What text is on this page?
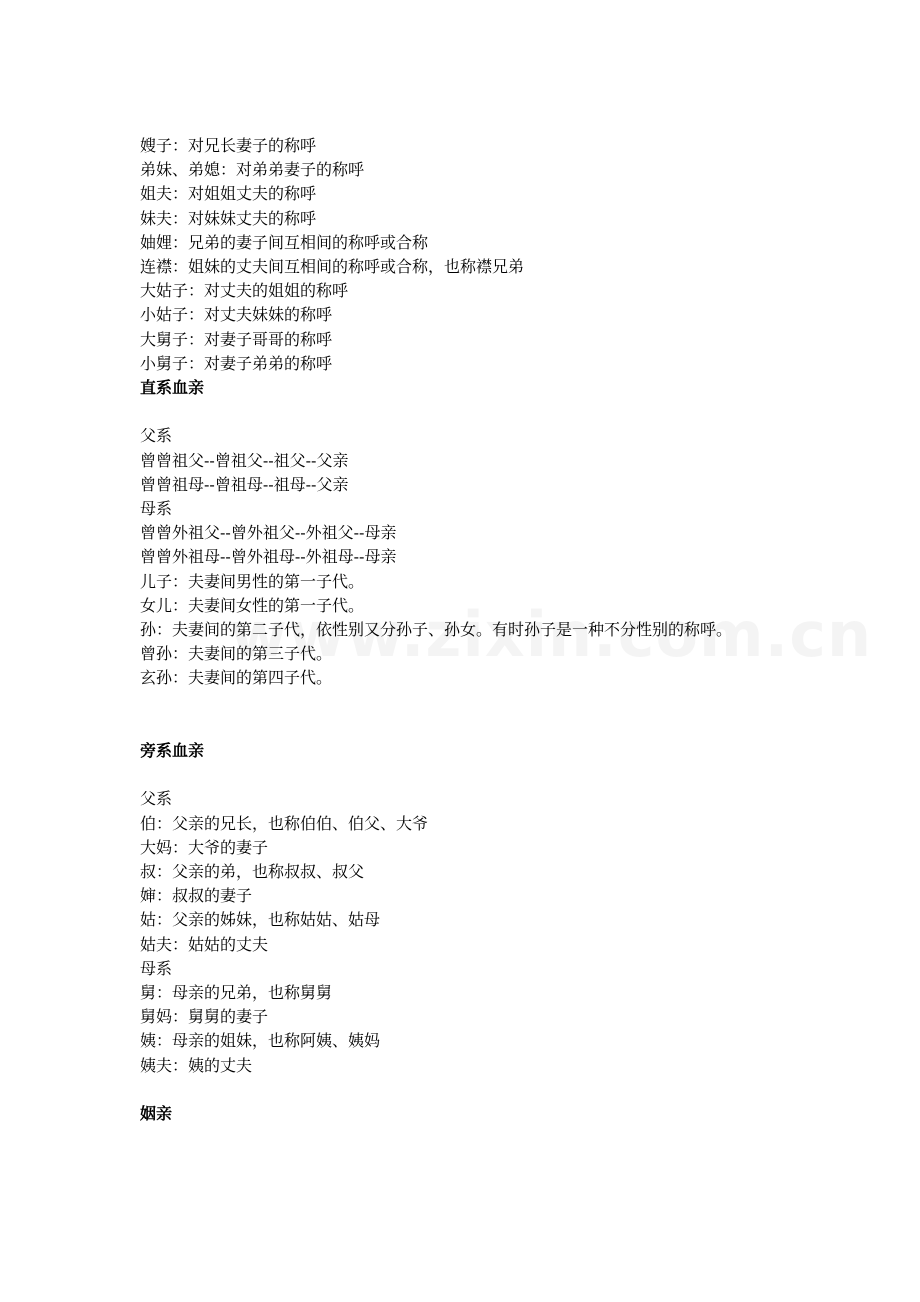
嫂子：对兄长妻子的称呼
弟妹、弟媳：对弟弟妻子的称呼
姐夫：对姐姐丈夫的称呼
妹夫：对妹妹丈夫的称呼
妯娌：兄弟的妻子间互相间的称呼或合称
连襟：姐妹的丈夫间互相间的称呼或合称，也称襟兄弟
大姑子：对丈夫的姐姐的称呼
小姑子：对丈夫妹妹的称呼
大舅子：对妻子哥哥的称呼
小舅子：对妻子弟弟的称呼
直系血亲
父系
曾曾祖父--曾祖父--祖父--父亲
曾曾祖母--曾祖母--祖母--父亲
母系
曾曾外祖父--曾外祖父--外祖父--母亲
曾曾外祖母--曾外祖母--外祖母--母亲
儿子：夫妻间男性的第一子代。
女儿：夫妻间女性的第一子代。
孙：夫妻间的第二子代，依性别又分孙子、孙女。有时孙子是一种不分性别的称呼。
曾孙：夫妻间的第三子代。
玄孙：夫妻间的第四子代。
旁系血亲
父系
伯：父亲的兄长，也称伯伯、伯父、大爷
大妈：大爷的妻子
叔：父亲的弟，也称叔叔、叔父
婶：叔叔的妻子
姑：父亲的姊妹，也称姑姑、姑母
姑夫：姑姑的丈夫
母系
舅：母亲的兄弟，也称舅舅
舅妈：舅舅的妻子
姨：母亲的姐妹，也称阿姨、姨妈
姨夫：姨的丈夫
姻亲
